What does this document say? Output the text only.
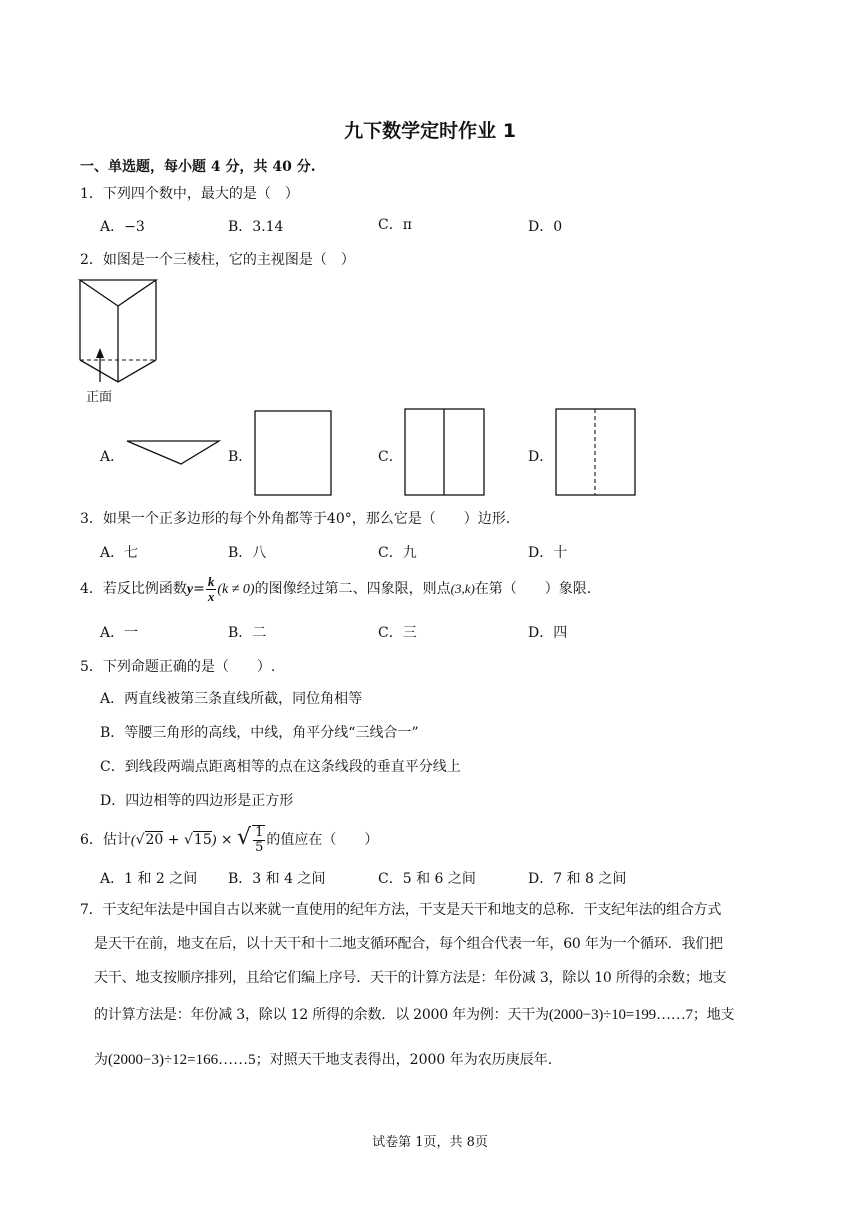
九下数学定时作业 1
一、单选题，每小题 4 分，共 40 分.
1．下列四个数中，最大的是（　）
A．−3	B．3.14	C．π	D．0
2．如图是一个三棱柱，它的主视图是（　）
正面
A．	B．	C．	D．
3．如果一个正多边形的每个外角都等于40°，那么它是（　　）边形.
A．七	B．八	C．九	D．十
4．若反比例函数$y= \frac{k}{x} (k \ne 0)$的图像经过第二、四象限，则点(3,k)在第（　　）象限.
A．一	B．二	C．三	D．四
5．下列命题正确的是（　　）.
A．两直线被第三条直线所截，同位角相等
B．等腰三角形的高线，中线，角平分线“三线合一”
C．到线段两端点距离相等的点在这条线段的垂直平分线上
D．四边相等的四边形是正方形
6．估计(√20 + √15) × √ $\frac{1}{5}$ 的值应在（　　）
A．1 和 2 之间 B．3 和 4 之间	C．5 和 6 之间	D．7 和 8 之间
7．干支纪年法是中国自古以来就一直使用的纪年方法，干支是天干和地支的总称．干支纪年法的组合方式
是天干在前，地支在后，以十天干和十二地支循环配合，每个组合代表一年，60 年为一个循环．我们把
天干、地支按顺序排列，且给它们编上序号．天干的计算方法是：年份减 3，除以 10 所得的余数；地支
的计算方法是：年份减 3，除以 12 所得的余数．以 2000 年为例：天干为(2000−3)÷10=199……7；地支
为(2000−3)÷12=166……5；对照天干地支表得出，2000 年为农历庚辰年.
试卷第 1页，共 8页
